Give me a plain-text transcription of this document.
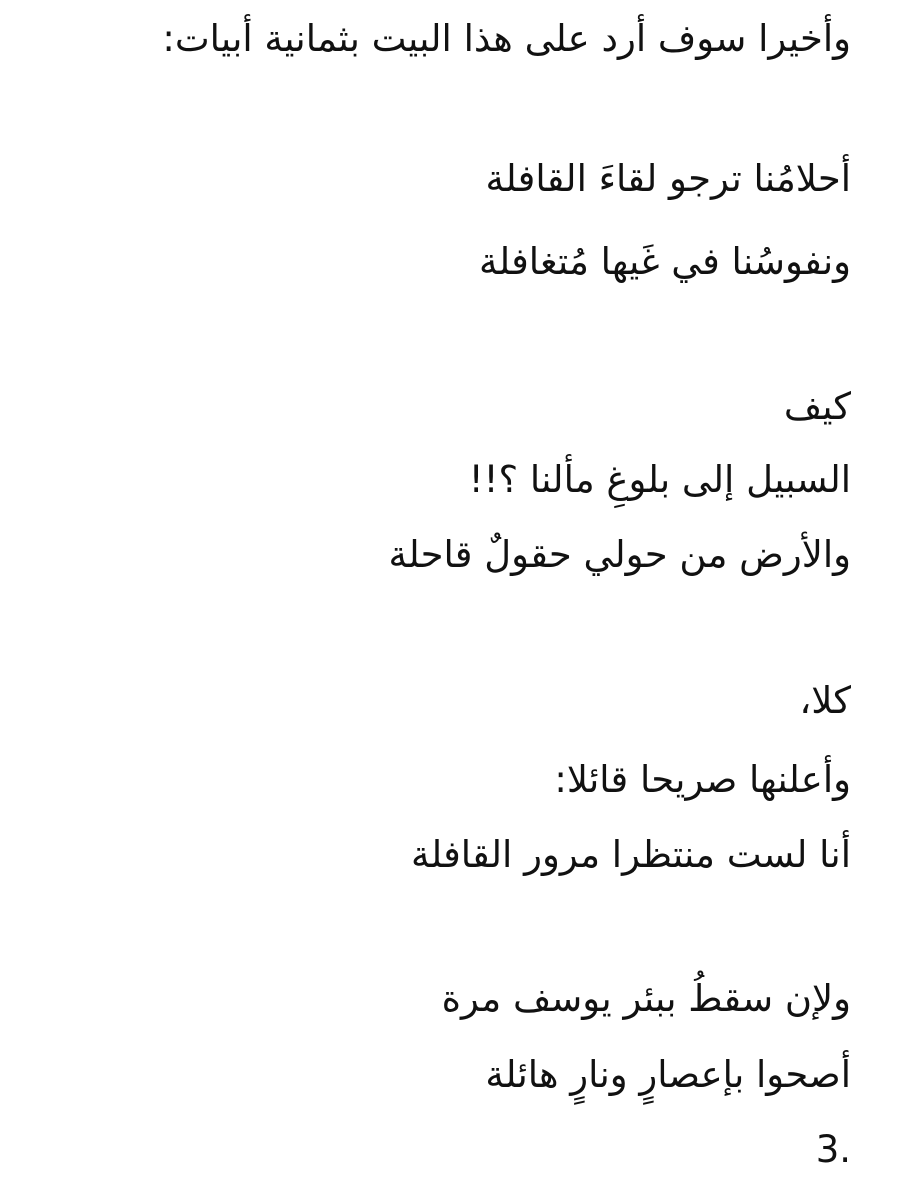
وأخيرا سوف أرد على هذا البيت بثمانية أبيات:
أحلامُنا ترجو لقاءَ القافلة
ونفوسُنا في غَيها مُتغافلة
كيف
السبيل إلى بلوغِ مألنا ؟!!
والأرض من حولي حقولٌ قاحلة
كلا،
وأعلنها صريحا قائلا:
أنا لست منتظرا مرور القافلة
ولإن سقطُ ببئر يوسف مرة
أصحوا بإعصارٍ ونارٍ هائلة
3.
